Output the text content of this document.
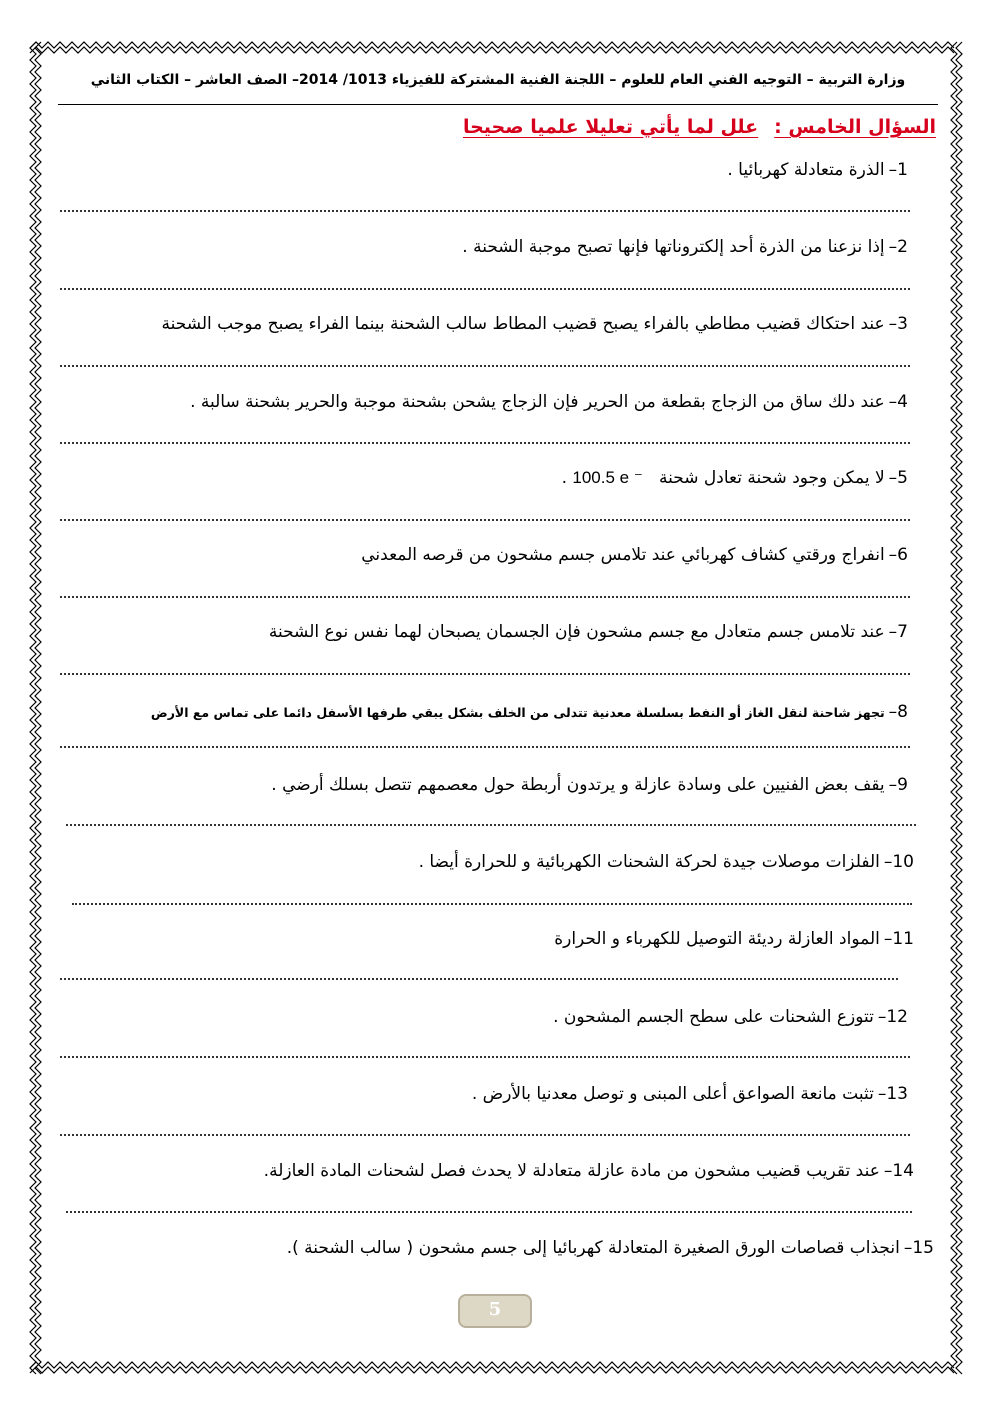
وزارة التربية – التوجيه الفني العام للعلوم – اللجنة الفنية المشتركة للفيزياء 1013/ 2014– الصف العاشر – الكتاب الثاني
السؤال الخامس :علل لما يأتي تعليلا علميا صحيحا
1–الذرة متعادلة كهربائيا .
2–إذا نزعنا من الذرة أحد إلكتروناتها فإنها تصبح موجبة الشحنة .
3–عند احتكاك قضيب مطاطي بالفراء يصبح قضيب المطاط سالب الشحنة بينما الفراء يصبح موجب الشحنة
4–عند دلك ساق من الزجاج بقطعة من الحرير فإن الزجاج يشحن بشحنة موجبة والحرير بشحنة سالبة .
5–لا يمكن وجود شحنة تعادل شحنة   100.5 e ⁻ .
6–انفراج ورقتي كشاف كهربائي عند تلامس جسم مشحون من قرصه المعدني
7–عند تلامس جسم متعادل مع جسم مشحون فإن الجسمان يصبحان لهما نفس نوع الشحنة
8–تجهز شاحنة لنقل الغاز أو النفط بسلسلة معدنية تتدلى من الخلف بشكل يبقي طرفها الأسفل دائما على تماس مع الأرض
9–يقف بعض الفنيين على وسادة عازلة و يرتدون أربطة حول معصمهم تتصل بسلك أرضي .
10–الفلزات موصلات جيدة لحركة الشحنات الكهربائية و للحرارة أيضا .
11–المواد العازلة رديئة التوصيل للكهرباء و الحرارة
12–تتوزع الشحنات على سطح الجسم المشحون .
13–تثبت مانعة الصواعق أعلى المبنى و توصل معدنيا بالأرض .
14–عند تقريب قضيب مشحون من مادة عازلة متعادلة لا يحدث فصل لشحنات المادة العازلة.
15–انجذاب قصاصات الورق الصغيرة المتعادلة كهربائيا إلى جسم مشحون ( سالب الشحنة ).
5
